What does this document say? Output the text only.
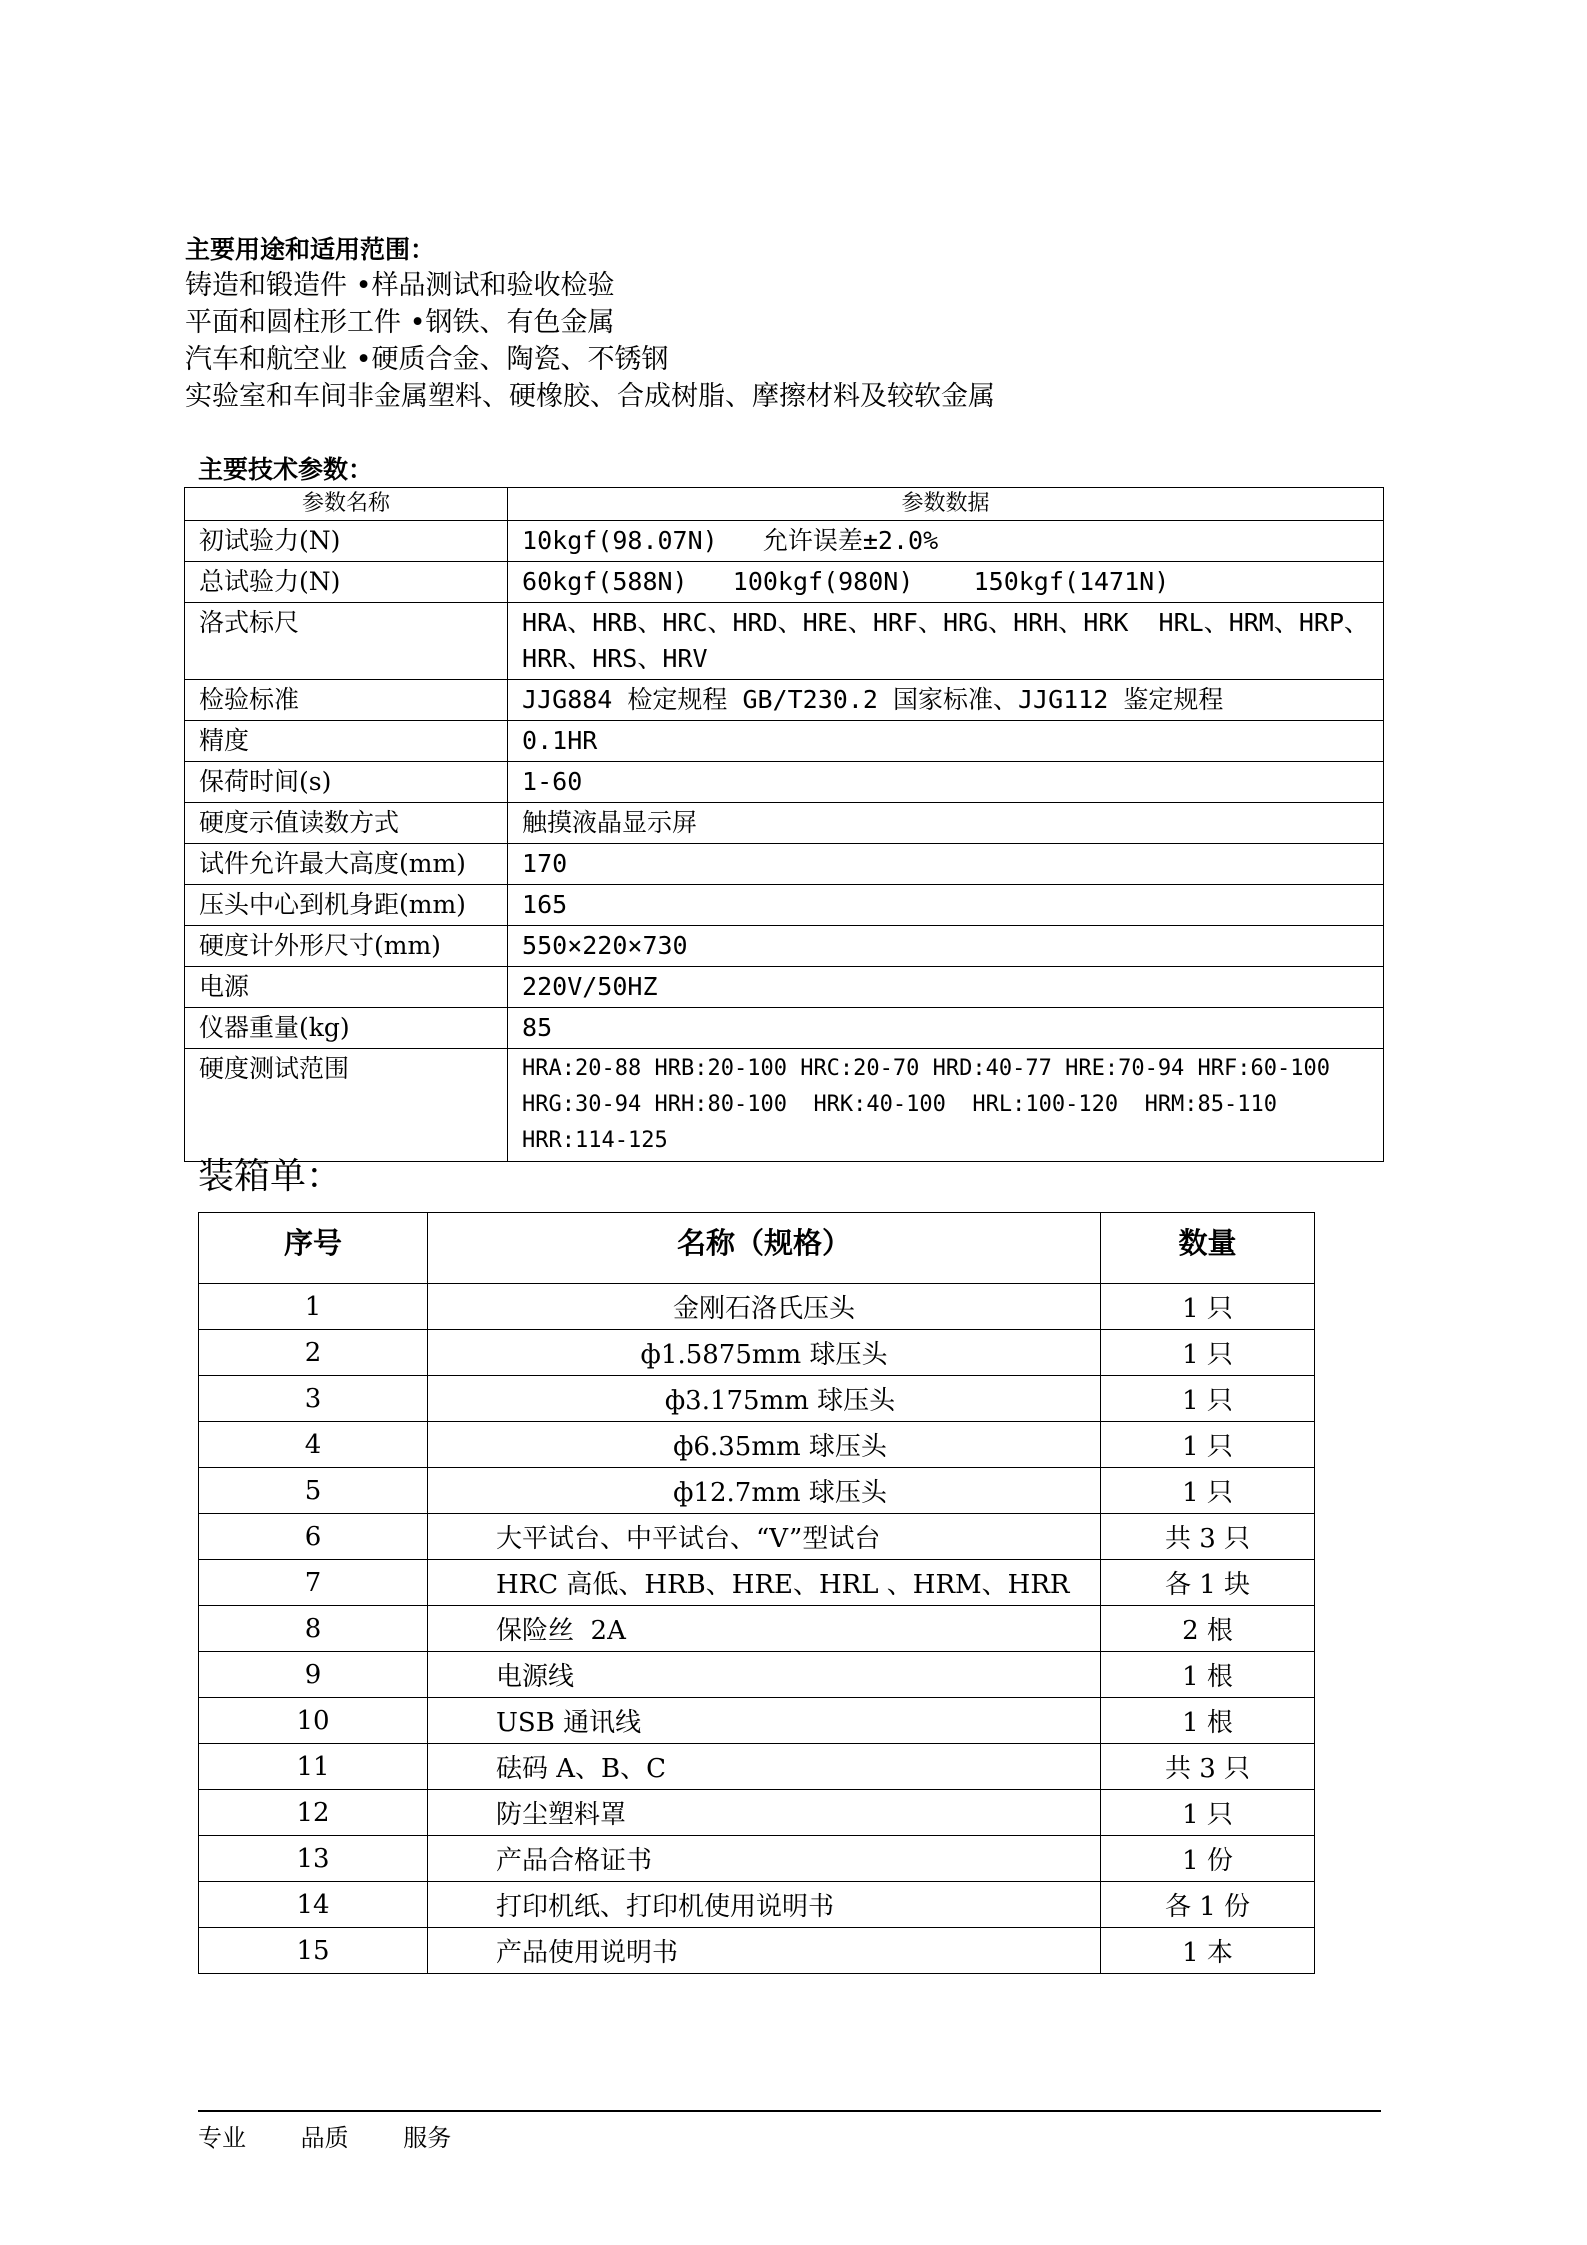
主要用途和适用范围：
铸造和锻造件 •样品测试和验收检验
平面和圆柱形工件 •钢铁、有色金属
汽车和航空业 •硬质合金、陶瓷、不锈钢
实验室和车间非金属塑料、硬橡胶、合成树脂、摩擦材料及较软金属
主要技术参数：
参数名称	参数数据
初试验力(N)	10kgf(98.07N)   允许误差±2.0%
总试验力(N)	60kgf(588N)   100kgf(980N)    150kgf(1471N)
洛式标尺	HRA、HRB、HRC、HRD、HRE、HRF、HRG、HRH、HRK  HRL、HRM、HRP、
HRR、HRS、HRV

检验标准	JJG884 检定规程 GB/T230.2 国家标准、JJG112 鉴定规程
精度	0.1HR
保荷时间(s)	1-60
硬度示值读数方式	触摸液晶显示屏
试件允许最大高度(mm)	170
压头中心到机身距(mm)	165
硬度计外形尺寸(mm)	550×220×730
电源	220V/50HZ
仪器重量(kg)	85
硬度测试范围	HRA:20-88 HRB:20-100 HRC:20-70 HRD:40-77 HRE:70-94 HRF:60-100
HRG:30-94 HRH:80-100  HRK:40-100  HRL:100-120  HRM:85-110
HRR:114-125
装箱单：
序号	名称（规格）	数量
1	金刚石洛氏压头	1 只
2	ф1.5875mm 球压头	1 只
3	ф3.175mm 球压头	1 只
4	ф6.35mm 球压头	1 只
5	ф12.7mm 球压头	1 只
6	大平试台、中平试台、“V”型试台	共 3 只
7	HRC 高低、HRB、HRE、HRL 、HRM、HRR	各 1 块
8	保险丝  2A	2 根
9	电源线	1 根
10	USB 通讯线	1 根
11	砝码 A、B、C	共 3 只
12	防尘塑料罩	1 只
13	产品合格证书	1 份
14	打印机纸、打印机使用说明书	各 1 份
15	产品使用说明书	1 本
专业 品质 服务
